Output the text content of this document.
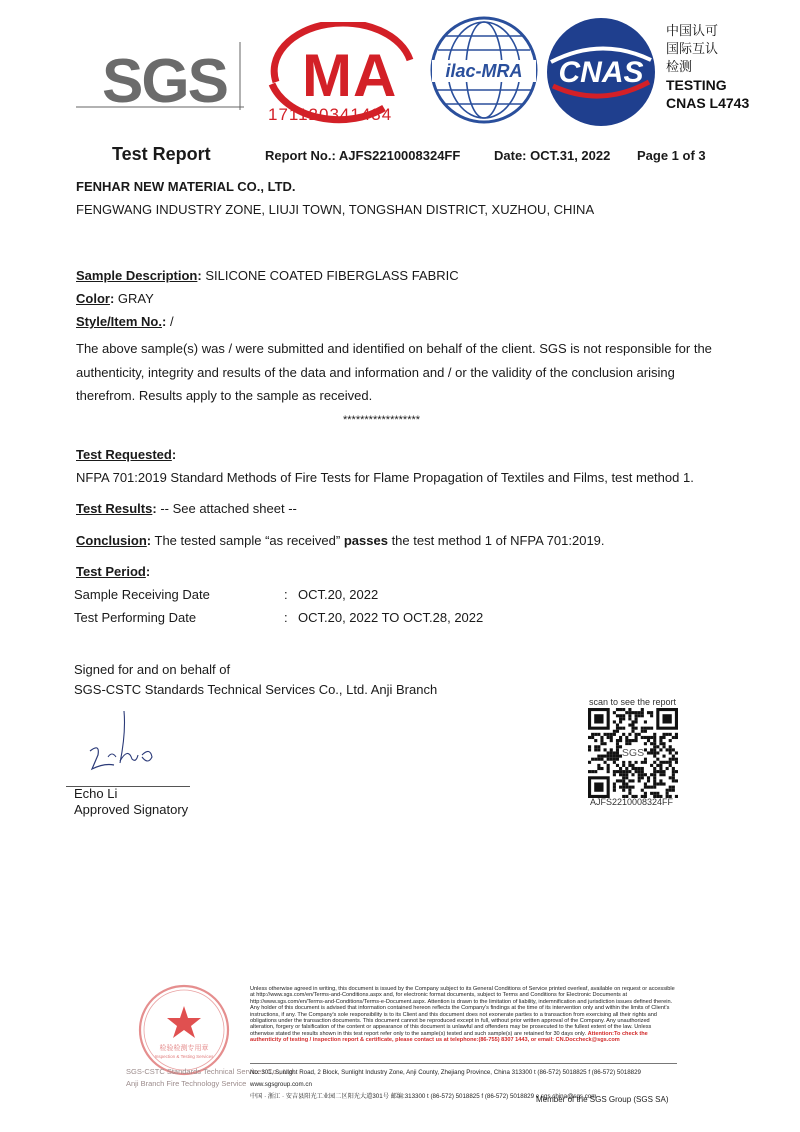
SGS MA
171120341434
ilac-MRA CNAS
中国认可
国际互认
检测
TESTING
CNAS L4743
Test Report	Report No.: AJFS2210008324FF	Date: OCT.31, 2022 Page 1 of 3
FENHAR NEW MATERIAL CO., LTD.
FENGWANG INDUSTRY ZONE, LIUJI TOWN, TONGSHAN DISTRICT, XUZHOU, CHINA
Sample Description: SILICONE COATED FIBERGLASS FABRIC
Color: GRAY
Style/Item No.: /
The above sample(s) was / were submitted and identified on behalf of the client. SGS is not responsible for the authenticity, integrity and results of the data and information and / or the validity of the conclusion arising therefrom. Results apply to the sample as received.
******************
Test Requested:
NFPA 701:2019 Standard Methods of Fire Tests for Flame Propagation of Textiles and Films, test method 1.
Test Results: -- See attached sheet --
Conclusion: The tested sample “as received” passes the test method 1 of NFPA 701:2019.
Test Period:
Sample Receiving Date	: OCT.20, 2022
Test Performing Date	: OCT.20, 2022 TO OCT.28, 2022
Signed for and on behalf of
SGS-CSTC Standards Technical Services Co., Ltd. Anji Branch
Echo Li
Approved Signatory
scan to see the report
SGS
AJFS2210008324FF
检验检测专用章
Inspection & Testing Services
SGS-CSTC Standards Technical Services Co., Ltd.
Anji Branch Fire Technology Service
Unless otherwise agreed in writing, this document is issued by the Company subject to its General Conditions of Service printed overleaf, available on request or accessible at http://www.sgs.com/en/Terms-and-Conditions.aspx and, for electronic format documents, subject to Terms and Conditions for Electronic Documents at http://www.sgs.com/en/Terms-and-Conditions/Terms-e-Document.aspx. Attention is drawn to the limitation of liability, indemnification and jurisdiction issues defined therein. Any holder of this document is advised that information contained hereon reflects the Company's findings at the time of its intervention only and within the limits of Client's instructions, if any. The Company's sole responsibility is to its Client and this document does not exonerate parties to a transaction from exercising all their rights and obligations under the transaction documents. This document cannot be reproduced except in full, without prior written approval of the Company. Any unauthorized alteration, forgery or falsification of the content or appearance of this document is unlawful and offenders may be prosecuted to the fullest extent of the law. Unless otherwise stated the results shown in this test report refer only to the sample(s) tested and such sample(s) are retained for 30 days only. Attention:To check the authenticity of testing / inspection report & certificate, please contact us at telephone:(86-755) 8307 1443, or email: CN.Doccheck@sgs.com
No. 301, Sunlight Road, 2 Block, Sunlight Industry Zone, Anji County, Zhejiang Province, China 313300 t (86-572) 5018825 f (86-572) 5018829 www.sgsgroup.com.cn
中国 · 浙江 · 安吉县阳光工业园二区阳光大道301号 邮编:313300 t (86-572) 5018825 f (86-572) 5018829 e sgs.china@sgs.com
Member of the SGS Group (SGS SA)
